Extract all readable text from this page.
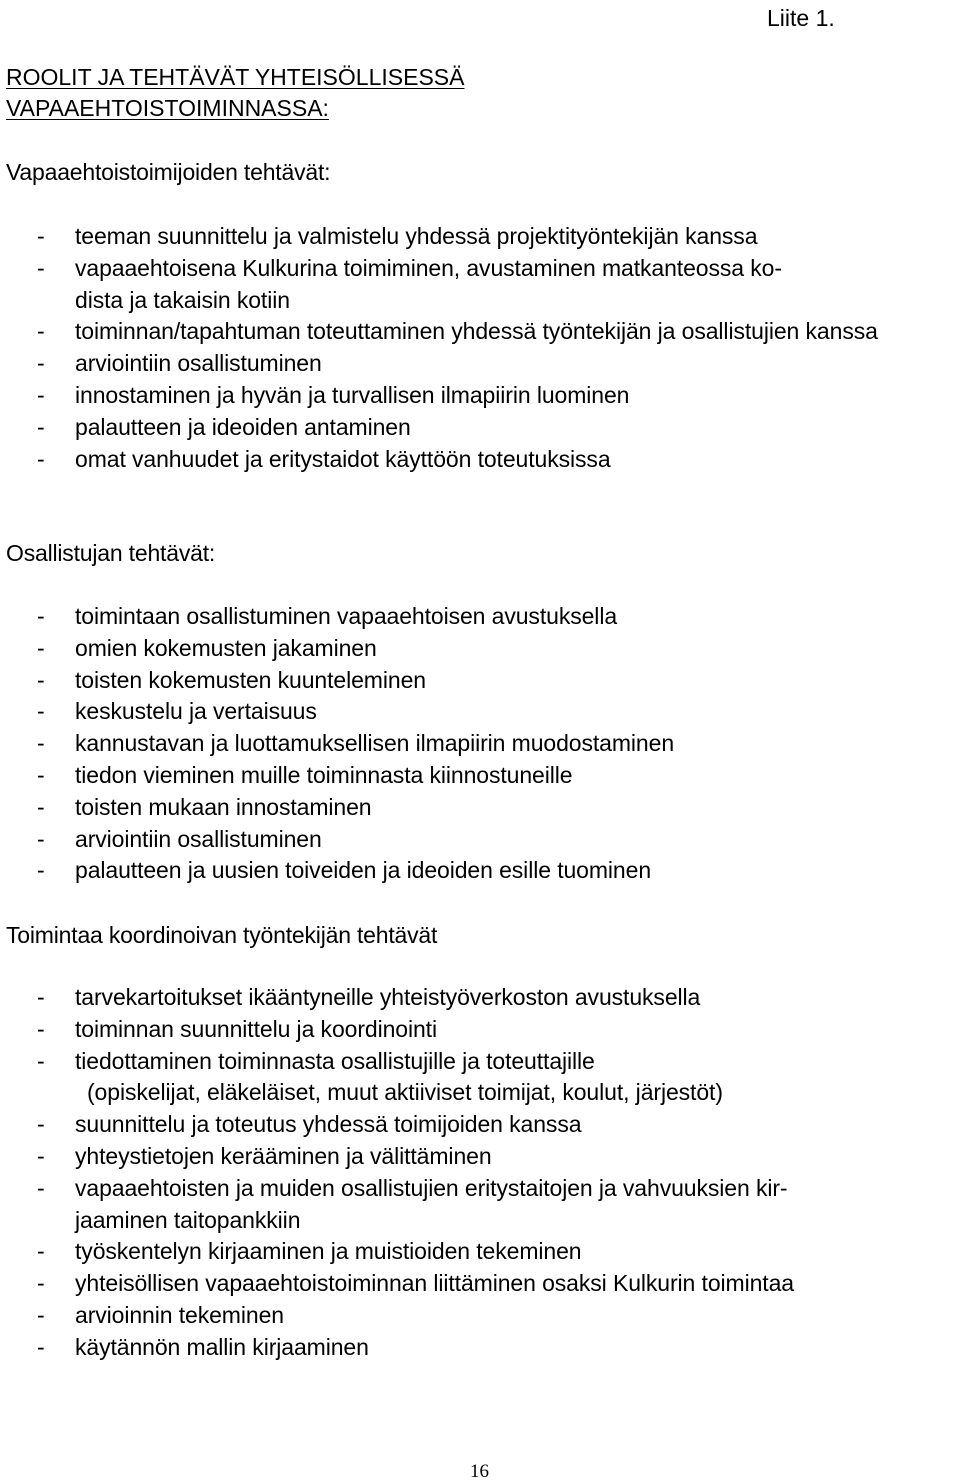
Liite 1.
ROOLIT JA TEHTÄVÄT YHTEISÖLLISESSÄ
VAPAAEHTOISTOIMINNASSA:
Vapaaehtoistoimijoiden tehtävät:
- teeman suunnittelu ja valmistelu yhdessä projektityöntekijän kanssa
- vapaaehtoisena Kulkurina toimiminen, avustaminen matkanteossa ko-
dista ja takaisin kotiin
- toiminnan/tapahtuman toteuttaminen yhdessä työntekijän ja osallistujien kanssa
- arviointiin osallistuminen
- innostaminen ja hyvän ja turvallisen ilmapiirin luominen
- palautteen ja ideoiden antaminen
- omat vanhuudet ja eritystaidot käyttöön toteutuksissa
Osallistujan tehtävät:
- toimintaan osallistuminen vapaaehtoisen avustuksella
- omien kokemusten jakaminen
- toisten kokemusten kuunteleminen
- keskustelu ja vertaisuus
- kannustavan ja luottamuksellisen ilmapiirin muodostaminen
- tiedon vieminen muille toiminnasta kiinnostuneille
- toisten mukaan innostaminen
- arviointiin osallistuminen
- palautteen ja uusien toiveiden ja ideoiden esille tuominen
Toimintaa koordinoivan työntekijän tehtävät
- tarvekartoitukset ikääntyneille yhteistyöverkoston avustuksella
- toiminnan suunnittelu ja koordinointi
- tiedottaminen toiminnasta osallistujille ja toteuttajille
(opiskelijat, eläkeläiset, muut aktiiviset toimijat, koulut, järjestöt)
- suunnittelu ja toteutus yhdessä toimijoiden kanssa
- yhteystietojen kerääminen ja välittäminen
- vapaaehtoisten ja muiden osallistujien eritystaitojen ja vahvuuksien kir-
jaaminen taitopankkiin
- työskentelyn kirjaaminen ja muistioiden tekeminen
- yhteisöllisen vapaaehtoistoiminnan liittäminen osaksi Kulkurin toimintaa
- arvioinnin tekeminen
- käytännön mallin kirjaaminen
16
